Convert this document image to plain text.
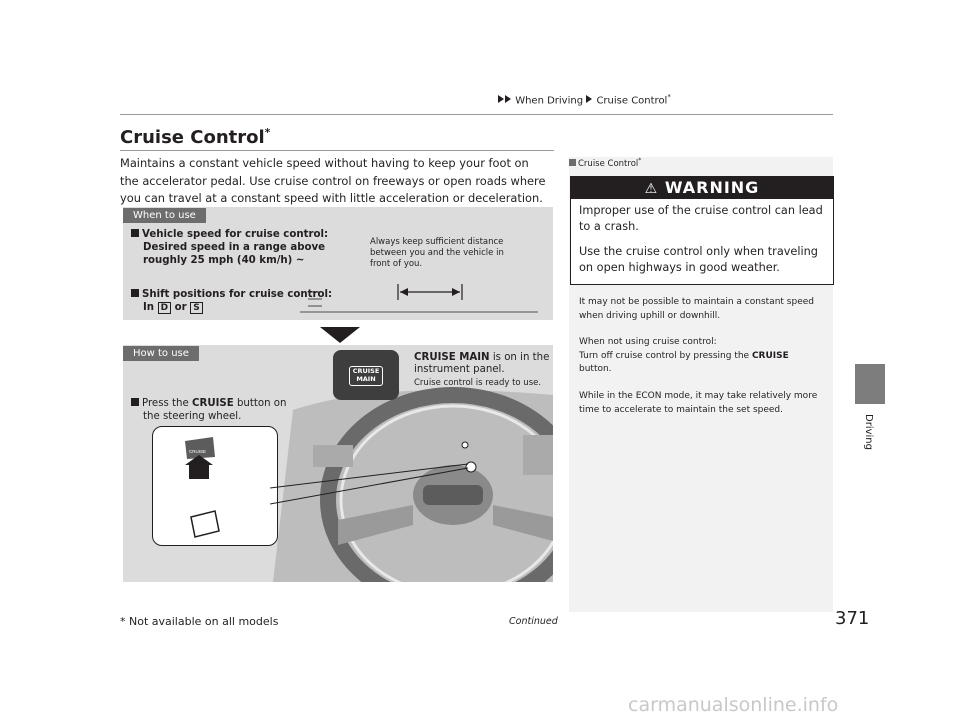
When Driving Cruise Control*
Driving
Cruise Control*
Maintains a constant vehicle speed without having to keep your foot on the accelerator pedal. Use cruise control on freeways or open roads where you can travel at a constant speed with little acceleration or deceleration.
When to use
Vehicle speed for cruise control:
Desired speed in a range above
roughly 25 mph (40 km/h) ~
Always keep sufficient distance between you and the vehicle in front of you.
Shift positions for cruise control:
In D or S
How to use
CRUISE
MAIN
CRUISE MAIN is on in the
instrument panel.
Cruise control is ready to use.
Press the CRUISE button on
the steering wheel.
CRUISE
Cruise Control*
⚠ WARNING
Improper use of the cruise control can lead to a crash.
Use the cruise control only when traveling on open highways in good weather.
It may not be possible to maintain a constant speed when driving uphill or downhill.
When not using cruise control:
Turn off cruise control by pressing the CRUISE
button.
While in the ECON mode, it may take relatively more time to accelerate to maintain the set speed.
371
Continued
* Not available on all models
carmanualsonline.info
